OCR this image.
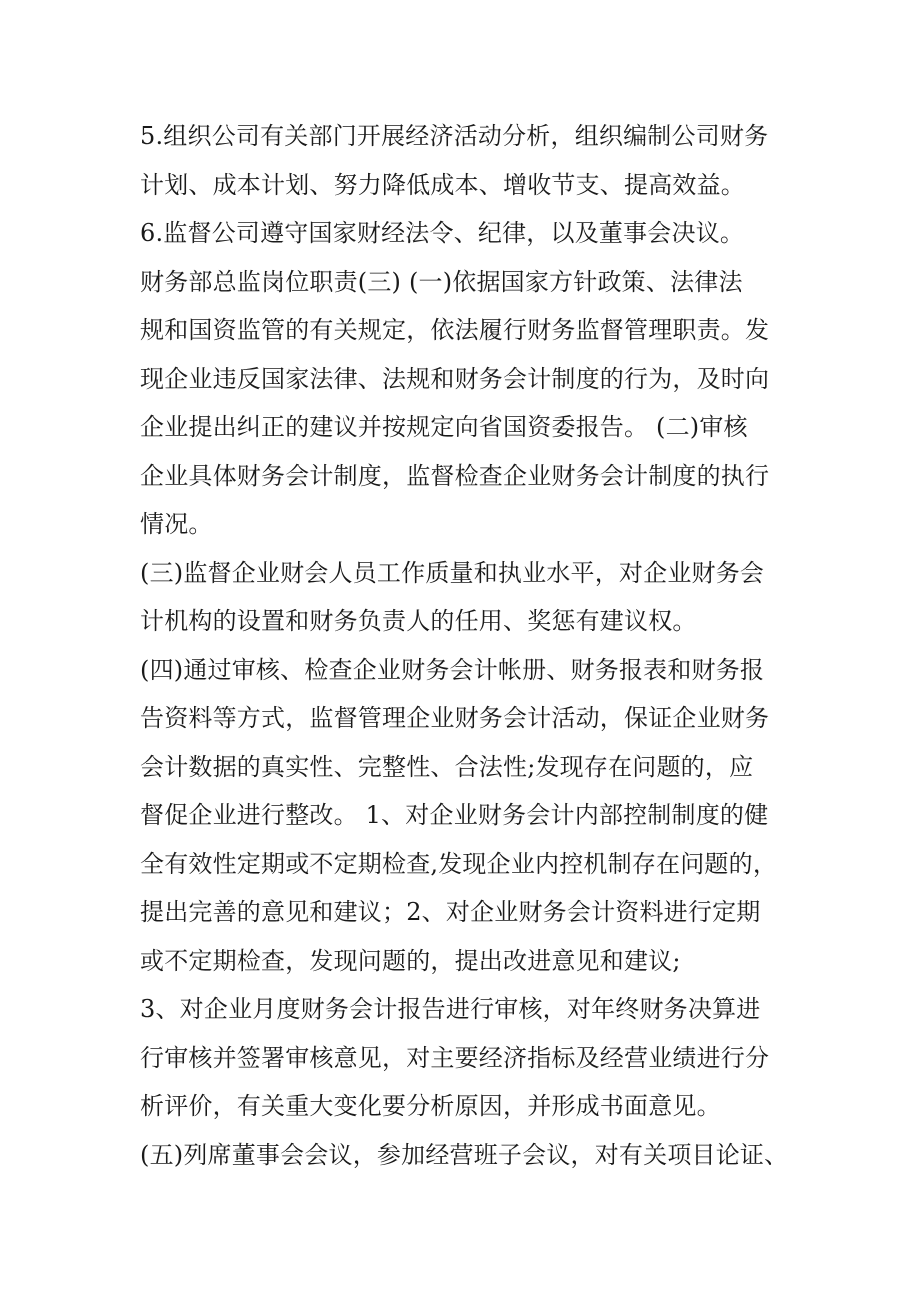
5.组织公司有关部门开展经济活动分析，组织编制公司财务
计划、成本计划、努力降低成本、增收节支、提高效益。
6.监督公司遵守国家财经法令、纪律，以及董事会决议。
财务部总监岗位职责(三) (一)依据国家方针政策、法律法
规和国资监管的有关规定，依法履行财务监督管理职责。发
现企业违反国家法律、法规和财务会计制度的行为，及时向
企业提出纠正的建议并按规定向省国资委报告。 (二)审核
企业具体财务会计制度，监督检查企业财务会计制度的执行
情况。
(三)监督企业财会人员工作质量和执业水平，对企业财务会
计机构的设置和财务负责人的任用、奖惩有建议权。
(四)通过审核、检查企业财务会计帐册、财务报表和财务报
告资料等方式，监督管理企业财务会计活动，保证企业财务
会计数据的真实性、完整性、合法性;发现存在问题的，应
督促企业进行整改。 1、对企业财务会计内部控制制度的健
全有效性定期或不定期检查,发现企业内控机制存在问题的，
提出完善的意见和建议；2、对企业财务会计资料进行定期
或不定期检查，发现问题的，提出改进意见和建议;
3、对企业月度财务会计报告进行审核，对年终财务决算进
行审核并签署审核意见，对主要经济指标及经营业绩进行分
析评价，有关重大变化要分析原因，并形成书面意见。
(五)列席董事会会议，参加经营班子会议，对有关项目论证、
